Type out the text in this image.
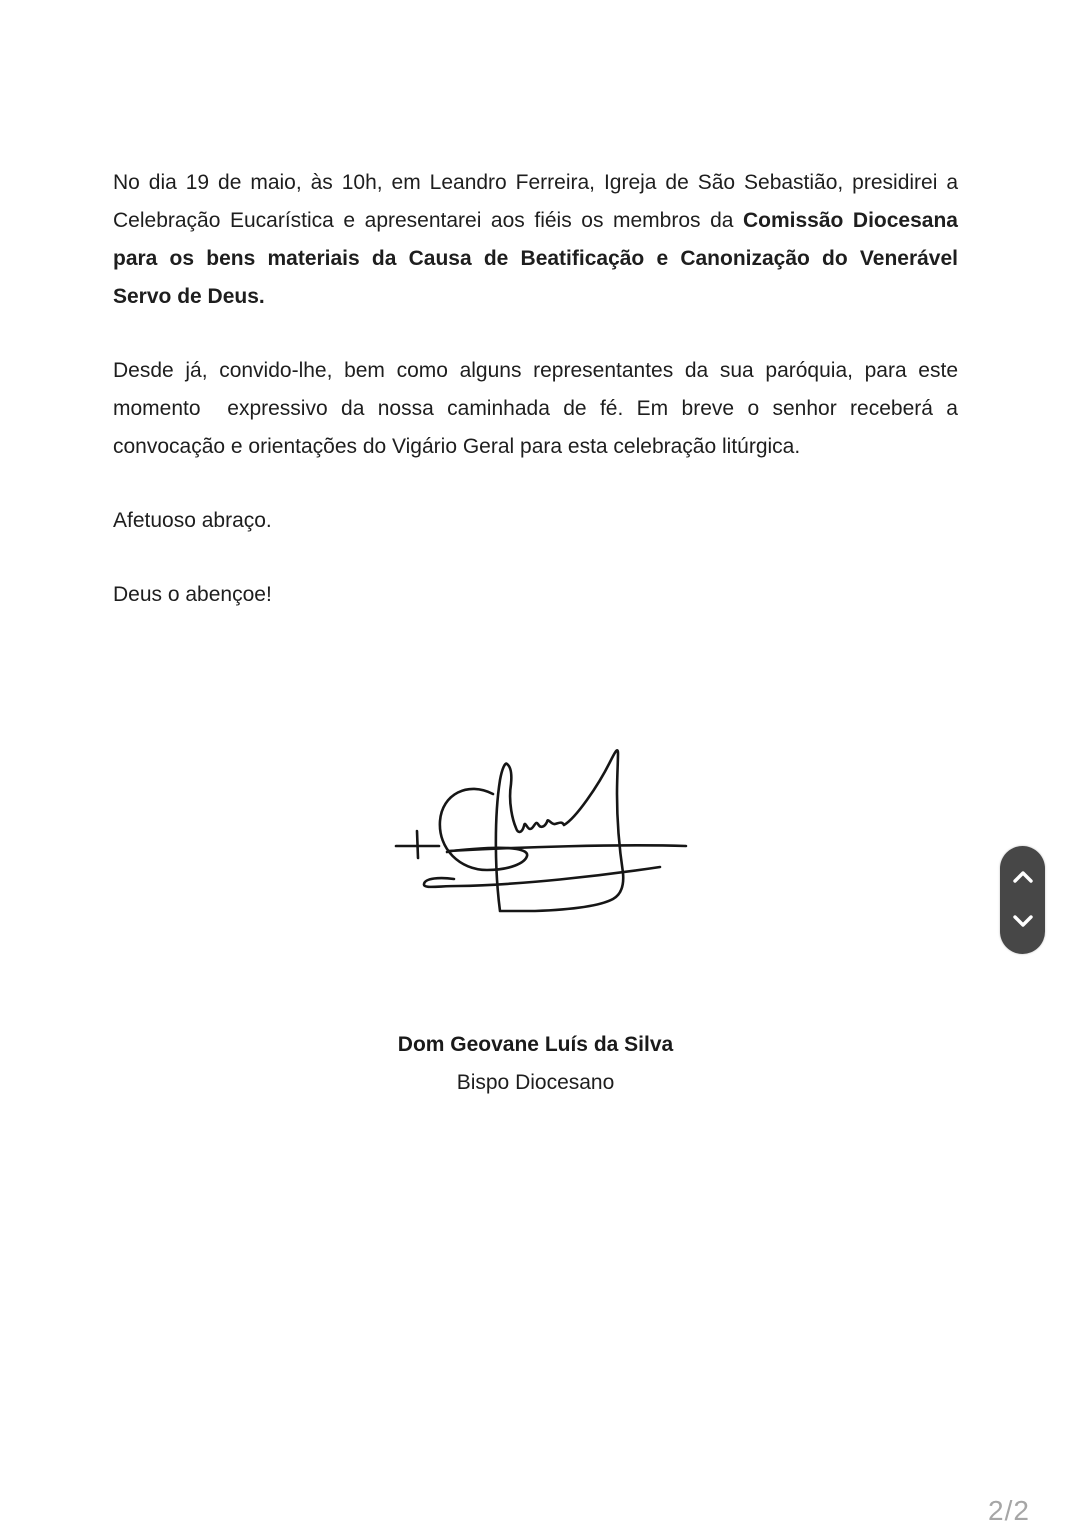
No dia 19 de maio, às 10h, em Leandro Ferreira, Igreja de São Sebastião, presidirei a
Celebração Eucarística e apresentarei aos fiéis os membros da Comissão Diocesana
para os bens materiais da Causa de Beatificação e Canonização do Venerável
Servo de Deus.
Desde já, convido-lhe, bem como alguns representantes da sua paróquia, para este
momento  expressivo da nossa caminhada de fé. Em breve o senhor receberá a
convocação e orientações do Vigário Geral para esta celebração litúrgica.
Afetuoso abraço.
Deus o abençoe!
Dom Geovane Luís da Silva
Bispo Diocesano
2/2
